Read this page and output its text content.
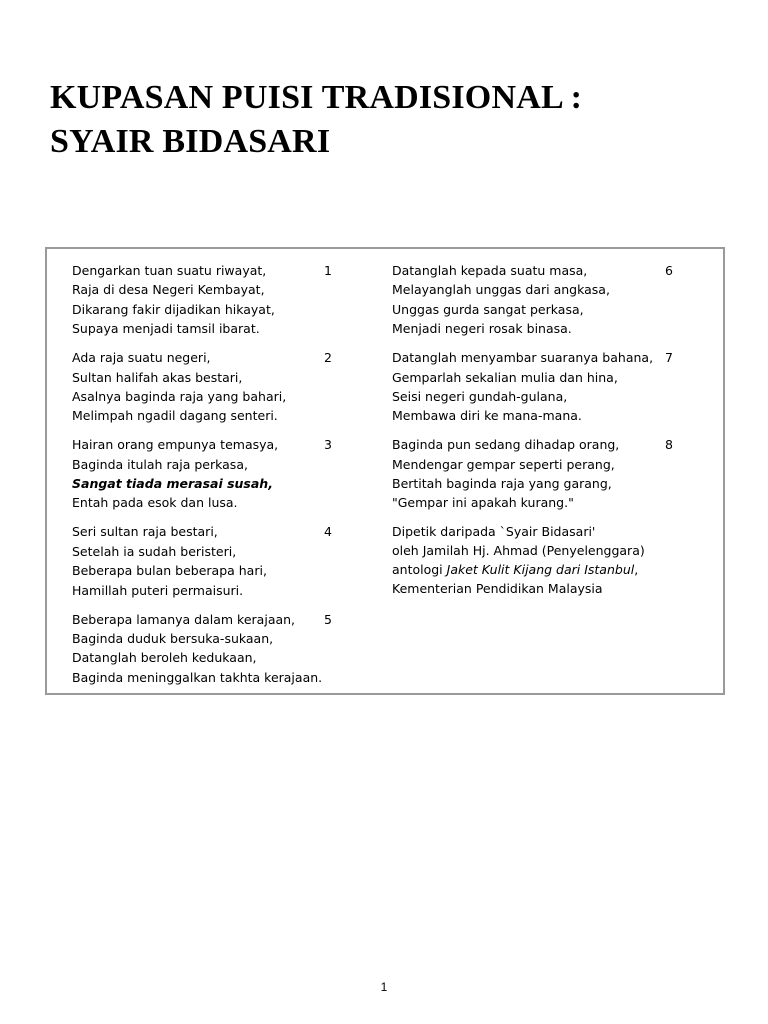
KUPASAN PUISI TRADISIONAL :
SYAIR BIDASARI
1
Dengarkan tuan suatu riwayat,
Raja di desa Negeri Kembayat,
Dikarang fakir dijadikan hikayat,
Supaya menjadi tamsil ibarat.
2
Ada raja suatu negeri,
Sultan halifah akas bestari,
Asalnya baginda raja yang bahari,
Melimpah ngadil dagang senteri.
3
Hairan orang empunya temasya,
Baginda itulah raja perkasa,
Sangat tiada merasai susah,
Entah pada esok dan lusa.
4
Seri sultan raja bestari,
Setelah ia sudah beristeri,
Beberapa bulan beberapa hari,
Hamillah puteri permaisuri.
5
Beberapa lamanya dalam kerajaan,
Baginda duduk bersuka-sukaan,
Datanglah beroleh kedukaan,
Baginda meninggalkan takhta kerajaan.
6
Datanglah kepada suatu masa,
Melayanglah unggas dari angkasa,
Unggas gurda sangat perkasa,
Menjadi negeri rosak binasa.
7
Datanglah menyambar suaranya bahana,
Gemparlah sekalian mulia dan hina,
Seisi negeri gundah-gulana,
Membawa diri ke mana-mana.
8
Baginda pun sedang dihadap orang,
Mendengar gempar seperti perang,
Bertitah baginda raja yang garang,
"Gempar ini apakah kurang."
Dipetik daripada `Syair Bidasari'
oleh Jamilah Hj. Ahmad (Penyelenggara)
antologi Jaket Kulit Kijang dari Istanbul,
Kementerian Pendidikan Malaysia
1
